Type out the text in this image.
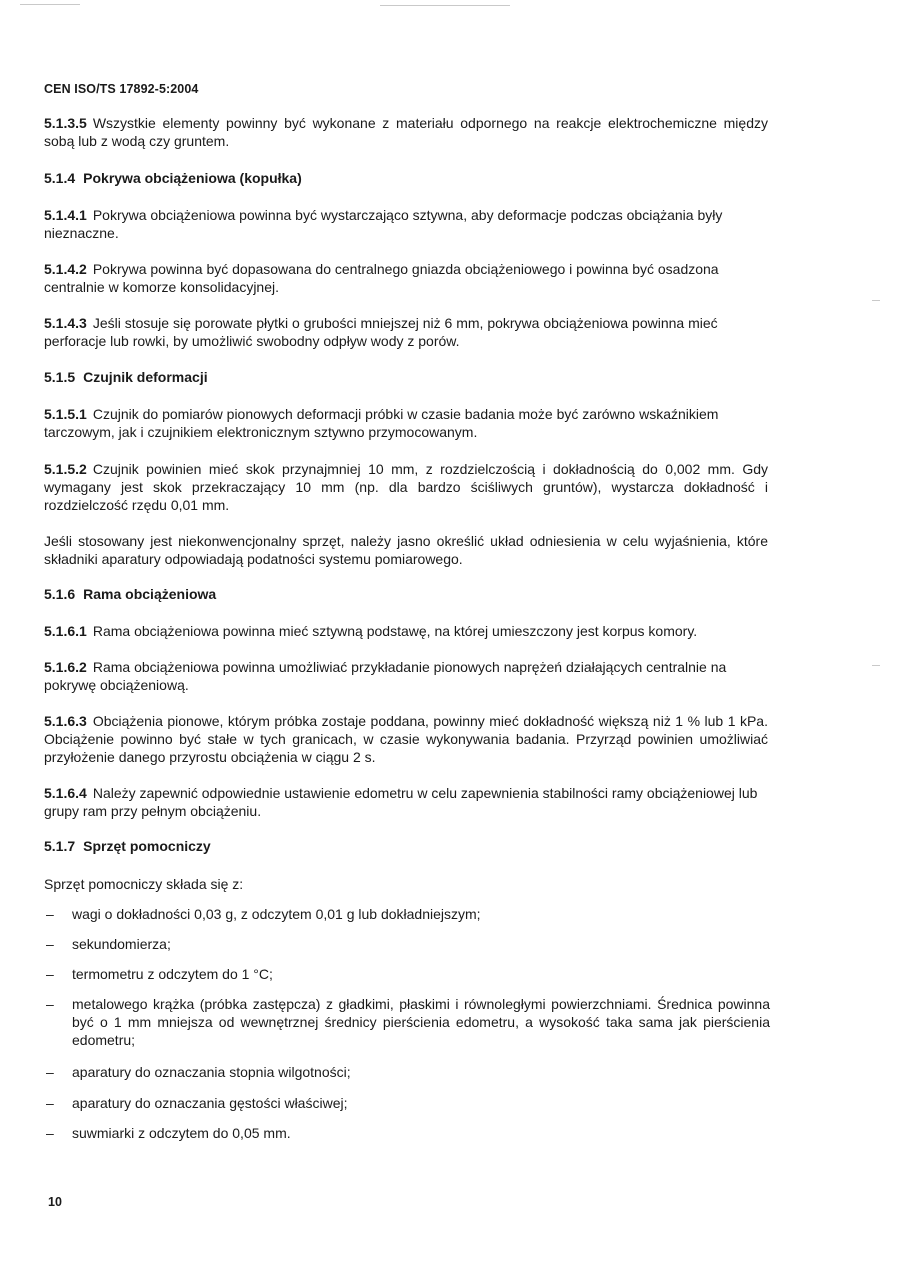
CEN ISO/TS 17892-5:2004
5.1.3.5 Wszystkie elementy powinny być wykonane z materiału odpornego na reakcje elektrochemiczne między sobą lub z wodą czy gruntem.
5.1.4 Pokrywa obciążeniowa (kopułka)
5.1.4.1 Pokrywa obciążeniowa powinna być wystarczająco sztywna, aby deformacje podczas obciążania były nieznaczne.
5.1.4.2 Pokrywa powinna być dopasowana do centralnego gniazda obciążeniowego i powinna być osadzona centralnie w komorze konsolidacyjnej.
5.1.4.3 Jeśli stosuje się porowate płytki o grubości mniejszej niż 6 mm, pokrywa obciążeniowa powinna mieć perforacje lub rowki, by umożliwić swobodny odpływ wody z porów.
5.1.5 Czujnik deformacji
5.1.5.1 Czujnik do pomiarów pionowych deformacji próbki w czasie badania może być zarówno wskaźnikiem tarczowym, jak i czujnikiem elektronicznym sztywno przymocowanym.
5.1.5.2 Czujnik powinien mieć skok przynajmniej 10 mm, z rozdzielczością i dokładnością do 0,002 mm. Gdy wymagany jest skok przekraczający 10 mm (np. dla bardzo ściśliwych gruntów), wystarcza dokładność i rozdzielczość rzędu 0,01 mm.
Jeśli stosowany jest niekonwencjonalny sprzęt, należy jasno określić układ odniesienia w celu wyjaśnienia, które składniki aparatury odpowiadają podatności systemu pomiarowego.
5.1.6 Rama obciążeniowa
5.1.6.1 Rama obciążeniowa powinna mieć sztywną podstawę, na której umieszczony jest korpus komory.
5.1.6.2 Rama obciążeniowa powinna umożliwiać przykładanie pionowych naprężeń działających centralnie na pokrywę obciążeniową.
5.1.6.3 Obciążenia pionowe, którym próbka zostaje poddana, powinny mieć dokładność większą niż 1 % lub 1 kPa. Obciążenie powinno być stałe w tych granicach, w czasie wykonywania badania. Przyrząd powinien umożliwiać przyłożenie danego przyrostu obciążenia w ciągu 2 s.
5.1.6.4 Należy zapewnić odpowiednie ustawienie edometru w celu zapewnienia stabilności ramy obciążeniowej lub grupy ram przy pełnym obciążeniu.
5.1.7 Sprzęt pomocniczy
Sprzęt pomocniczy składa się z:
– wagi o dokładności 0,03 g, z odczytem 0,01 g lub dokładniejszym;
– sekundomierza;
– termometru z odczytem do 1 °C;
– metalowego krążka (próbka zastępcza) z gładkimi, płaskimi i równoległymi powierzchniami. Średnica powinna być o 1 mm mniejsza od wewnętrznej średnicy pierścienia edometru, a wysokość taka sama jak pierścienia edometru;
– aparatury do oznaczania stopnia wilgotności;
– aparatury do oznaczania gęstości właściwej;
– suwmiarki z odczytem do 0,05 mm.
10
